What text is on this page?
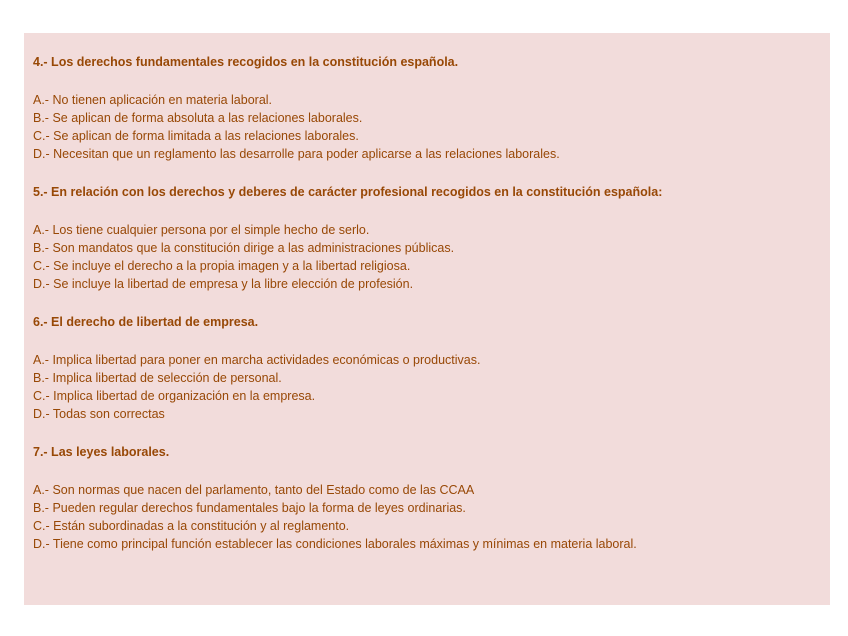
4.- Los derechos fundamentales recogidos en la constitución española.

A.- No tienen aplicación en materia laboral.
B.- Se aplican de forma absoluta a las relaciones laborales.
C.- Se aplican de forma limitada a las relaciones laborales.
D.- Necesitan que un reglamento las desarrolle para poder aplicarse a las relaciones laborales.

5.- En relación con los derechos y deberes de carácter profesional recogidos en la constitución española:

A.- Los tiene cualquier persona por el simple hecho de serlo.
B.- Son mandatos que la constitución dirige a las administraciones públicas.
C.- Se incluye el derecho a la propia imagen y a la libertad religiosa.
D.- Se incluye la libertad de empresa y la libre elección de profesión.

6.- El derecho de libertad de empresa.

A.- Implica libertad para poner en marcha actividades económicas o productivas.
B.- Implica libertad de selección de personal.
C.- Implica libertad de organización en la empresa.
D.- Todas son correctas

7.- Las leyes laborales.

A.- Son normas que nacen del parlamento, tanto del Estado como de las CCAA
B.- Pueden regular derechos fundamentales bajo la forma de leyes ordinarias.
C.- Están subordinadas a la constitución y al reglamento.
D.- Tiene como principal función establecer las condiciones laborales máximas y mínimas en materia laboral.
